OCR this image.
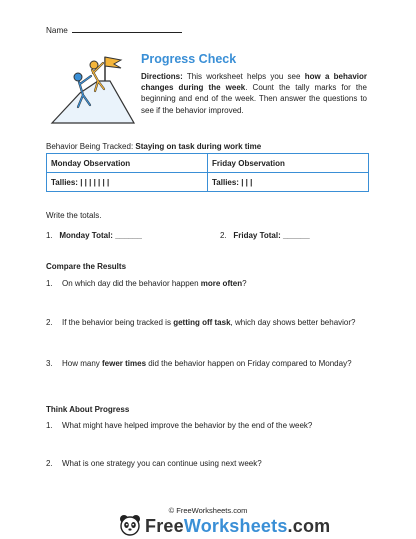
Name
Progress Check
Directions: This worksheet helps you see how a behavior changes during the week. Count the tally marks for the beginning and end of the week. Then answer the questions to see if the behavior improved.
Behavior Being Tracked: Staying on task during work time
Monday Observation	Friday Observation
Tallies: | | | | | | |	Tallies: | | |
Write the totals.
1. Monday Total: ______	2. Friday Total: ______
Compare the Results
1. On which day did the behavior happen more often?
2. If the behavior being tracked is getting off task, which day shows better behavior?
3. How many fewer times did the behavior happen on Friday compared to Monday?
Think About Progress
1. What might have helped improve the behavior by the end of the week?
2. What is one strategy you can continue using next week?
© FreeWorksheets.com
FreeWorksheets.com
